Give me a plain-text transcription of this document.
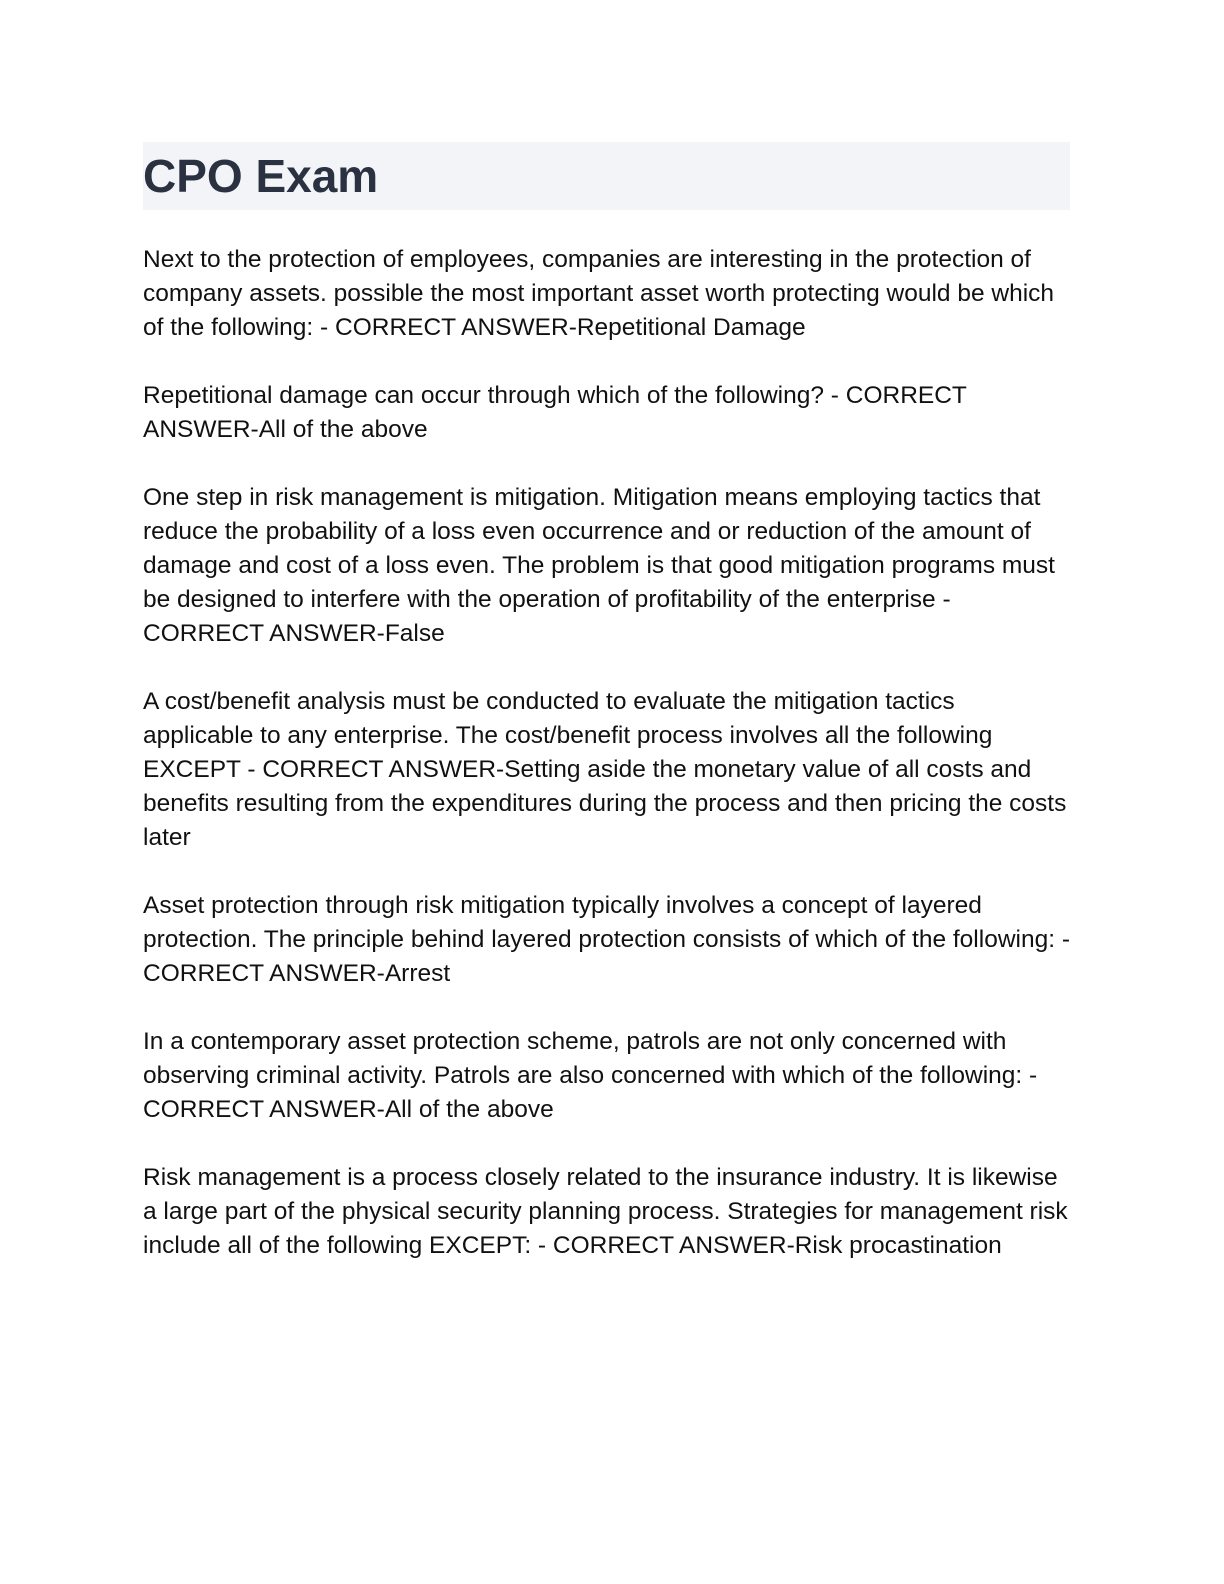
CPO Exam

Next to the protection of employees, companies are interesting in the protection of company assets. possible the most important asset worth protecting would be which of the following: - CORRECT ANSWER-Repetitional Damage

Repetitional damage can occur through which of the following? - CORRECT ANSWER-All of the above

One step in risk management is mitigation. Mitigation means employing tactics that reduce the probability of a loss even occurrence and or reduction of the amount of damage and cost of a loss even. The problem is that good mitigation programs must be designed to interfere with the operation of profitability of the enterprise - CORRECT ANSWER-False

A cost/benefit analysis must be conducted to evaluate the mitigation tactics applicable to any enterprise. The cost/benefit process involves all the following EXCEPT - CORRECT ANSWER-Setting aside the monetary value of all costs and benefits resulting from the expenditures during the process and then pricing the costs later

Asset protection through risk mitigation typically involves a concept of layered protection. The principle behind layered protection consists of which of the following: - CORRECT ANSWER-Arrest

In a contemporary asset protection scheme, patrols are not only concerned with observing criminal activity. Patrols are also concerned with which of the following: - CORRECT ANSWER-All of the above

Risk management is a process closely related to the insurance industry. It is likewise a large part of the physical security planning process. Strategies for management risk include all of the following EXCEPT: - CORRECT ANSWER-Risk procastination
